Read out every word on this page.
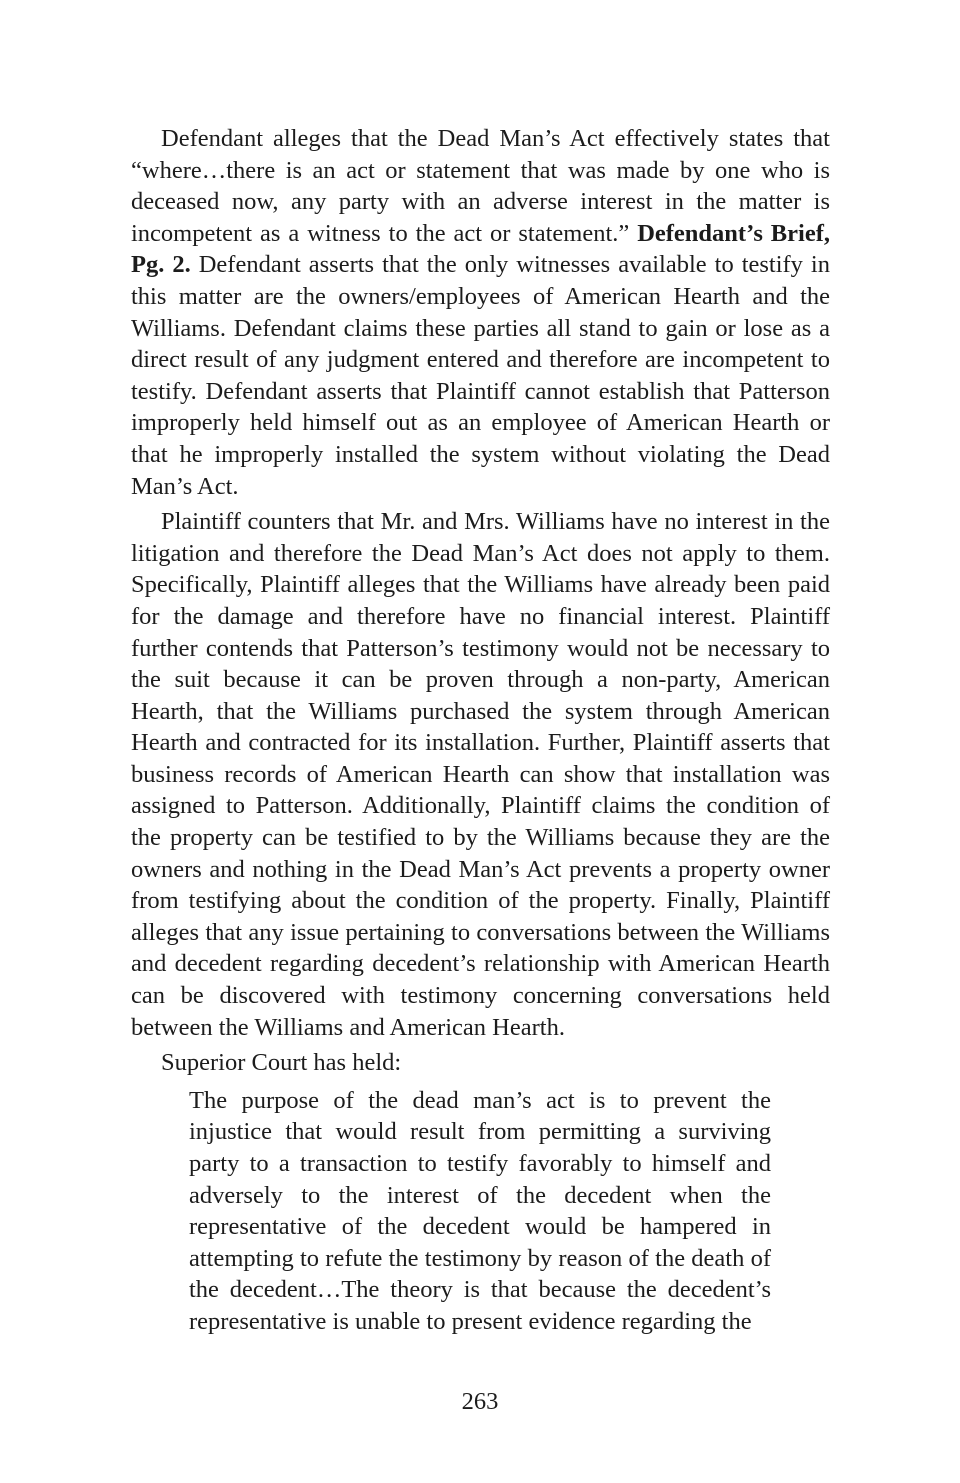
Defendant alleges that the Dead Man’s Act effectively states that “where…there is an act or statement that was made by one who is deceased now, any party with an adverse interest in the matter is incompetent as a witness to the act or statement.” Defendant’s Brief, Pg. 2. Defendant asserts that the only witnesses available to testify in this matter are the owners/employees of American Hearth and the Williams. Defendant claims these parties all stand to gain or lose as a direct result of any judgment entered and therefore are incompetent to testify. Defendant asserts that Plaintiff cannot establish that Patterson improperly held himself out as an employee of American Hearth or that he improperly installed the system without violating the Dead Man’s Act.

Plaintiff counters that Mr. and Mrs. Williams have no interest in the litigation and therefore the Dead Man’s Act does not apply to them. Specifically, Plaintiff alleges that the Williams have already been paid for the damage and therefore have no financial interest. Plaintiff further contends that Patterson’s testimony would not be necessary to the suit because it can be proven through a non-party, American Hearth, that the Williams purchased the system through American Hearth and contracted for its installation. Further, Plaintiff asserts that business records of American Hearth can show that installation was assigned to Patterson. Additionally, Plaintiff claims the condition of the property can be testified to by the Williams because they are the owners and nothing in the Dead Man’s Act prevents a property owner from testifying about the condition of the property. Finally, Plaintiff alleges that any issue pertaining to conversations between the Williams and decedent regarding decedent’s relationship with American Hearth can be discovered with testimony concerning conversations held between the Williams and American Hearth.

Superior Court has held:

The purpose of the dead man’s act is to prevent the injustice that would result from permitting a surviving party to a transaction to testify favorably to himself and adversely to the interest of the decedent when the representative of the decedent would be hampered in attempting to refute the testimony by reason of the death of the decedent…The theory is that because the decedent’s representative is unable to present evidence regarding the

263
